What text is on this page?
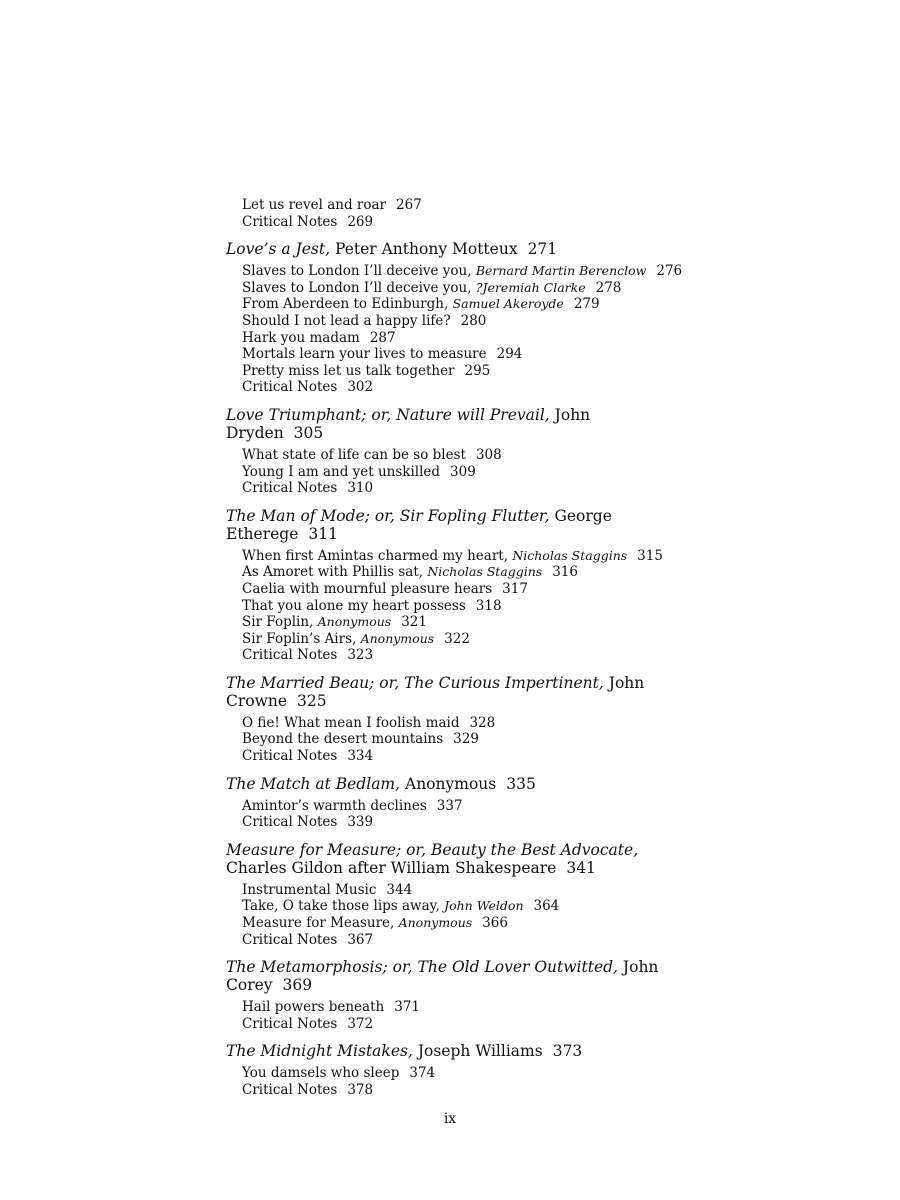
Let us revel and roar 267
Critical Notes 269
Love’s a Jest, Peter Anthony Motteux 271
Slaves to London I’ll deceive you, Bernard Martin Berenclow 276
Slaves to London I’ll deceive you, ?Jeremiah Clarke 278
From Aberdeen to Edinburgh, Samuel Akeroyde 279
Should I not lead a happy life? 280
Hark you madam 287
Mortals learn your lives to measure 294
Pretty miss let us talk together 295
Critical Notes 302
Love Triumphant; or, Nature will Prevail, John Dryden 305
What state of life can be so blest 308
Young I am and yet unskilled 309
Critical Notes 310
The Man of Mode; or, Sir Fopling Flutter, George Etherege 311
When first Amintas charmed my heart, Nicholas Staggins 315
As Amoret with Phillis sat, Nicholas Staggins 316
Caelia with mournful pleasure hears 317
That you alone my heart possess 318
Sir Foplin, Anonymous 321
Sir Foplin’s Airs, Anonymous 322
Critical Notes 323
The Married Beau; or, The Curious Impertinent, John Crowne 325
O fie! What mean I foolish maid 328
Beyond the desert mountains 329
Critical Notes 334
The Match at Bedlam, Anonymous 335
Amintor’s warmth declines 337
Critical Notes 339
Measure for Measure; or, Beauty the Best Advocate, Charles Gildon after William Shakespeare 341
Instrumental Music 344
Take, O take those lips away, John Weldon 364
Measure for Measure, Anonymous 366
Critical Notes 367
The Metamorphosis; or, The Old Lover Outwitted, John Corey 369
Hail powers beneath 371
Critical Notes 372
The Midnight Mistakes, Joseph Williams 373
You damsels who sleep 374
Critical Notes 378
ix
